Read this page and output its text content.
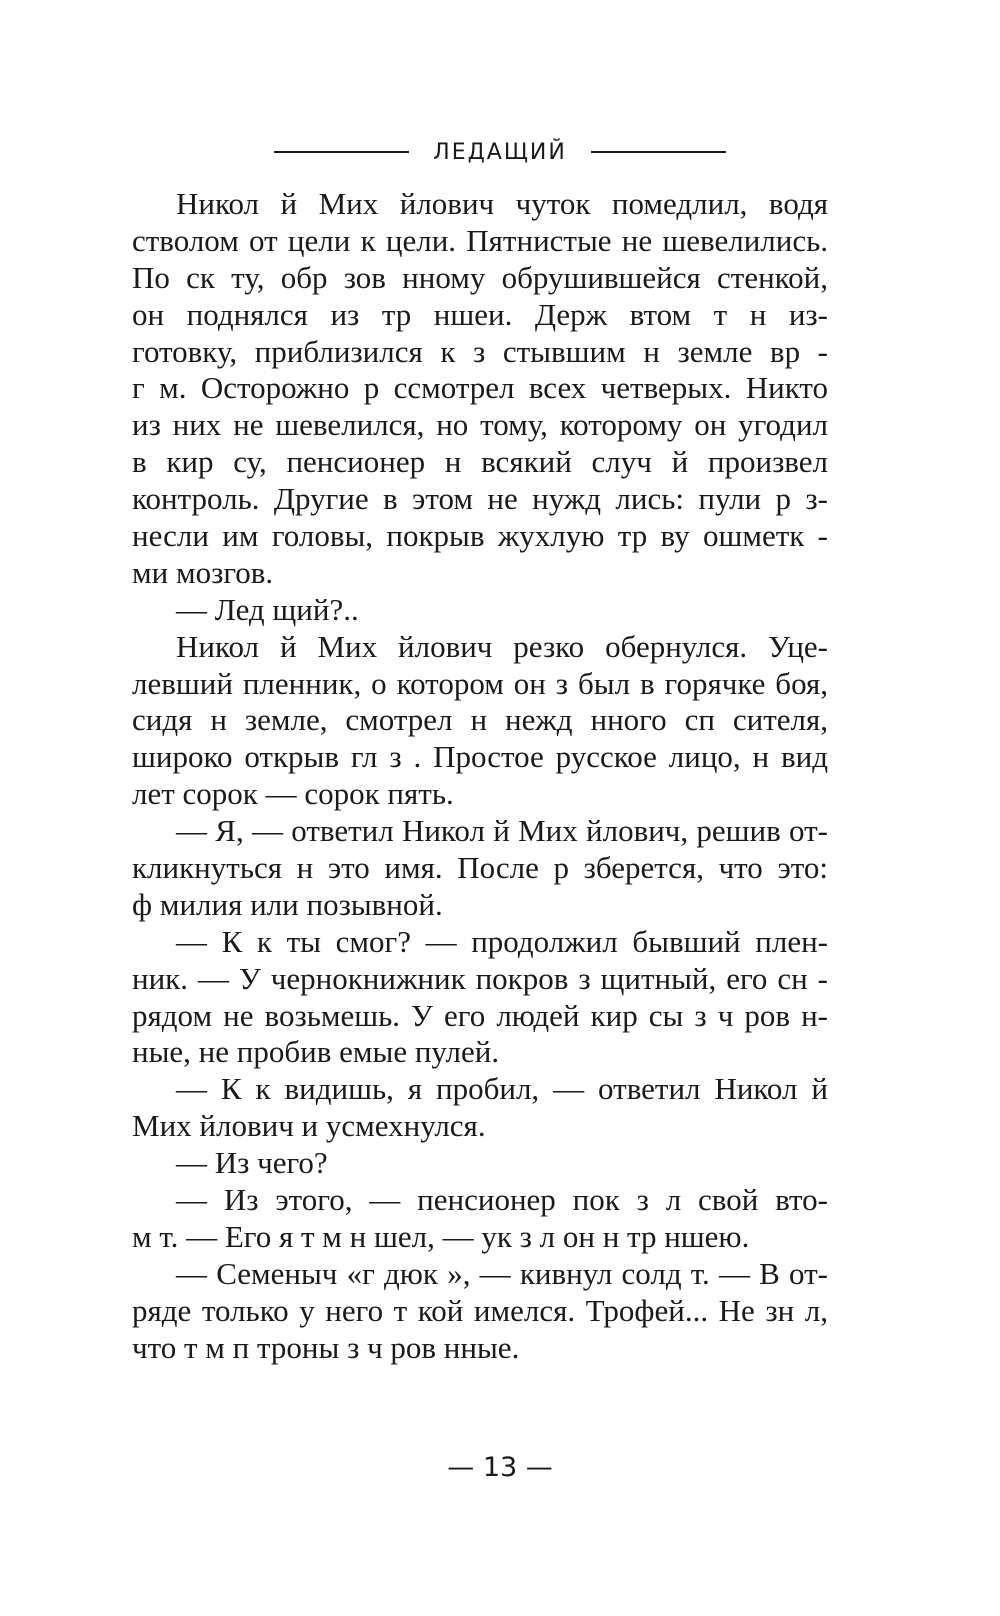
ЛЕДАЩИЙ
Никол й Мих йлович чуток помедлил, водя
стволом от цели к цели. Пятнистые не шевелились.
По ск ту, обр зов нному обрушившейся стенкой,
он поднялся из тр ншеи. Держ втом т н из-
готовку, приблизился к з стывшим н земле вр -
г м. Осторожно р ссмотрел всех четверых. Никто
из них не шевелился, но тому, которому он угодил
в кир су, пенсионер н всякий случ й произвел
контроль. Другие в этом не нужд лись: пули р з-
несли им головы, покрыв жухлую тр ву ошметк -
ми мозгов.
— Лед щий?..
Никол й Мих йлович резко обернулся. Уце-
левший пленник, о котором он з был в горячке боя,
сидя н земле, смотрел н нежд нного сп сителя,
широко открыв гл з . Простое русское лицо, н вид
лет сорок — сорок пять.
— Я, — ответил Никол й Мих йлович, решив от-
кликнуться н это имя. После р зберется, что это:
ф милия или позывной.
— К к ты смог? — продолжил бывший плен-
ник. — У чернокнижник покров з щитный, его сн -
рядом не возьмешь. У его людей кир сы з ч ров н-
ные, не пробив емые пулей.
— К к видишь, я пробил, — ответил Никол й
Мих йлович и усмехнулся.
— Из чего?
— Из этого, — пенсионер пок з л свой вто-
м т. — Его я т м н шел, — ук з л он н тр ншею.
— Семеныч «г дюк », — кивнул солд т. — В от-
ряде только у него т кой имелся. Трофей... Не зн л,
что т м п троны з ч ров нные.
— 13 —
